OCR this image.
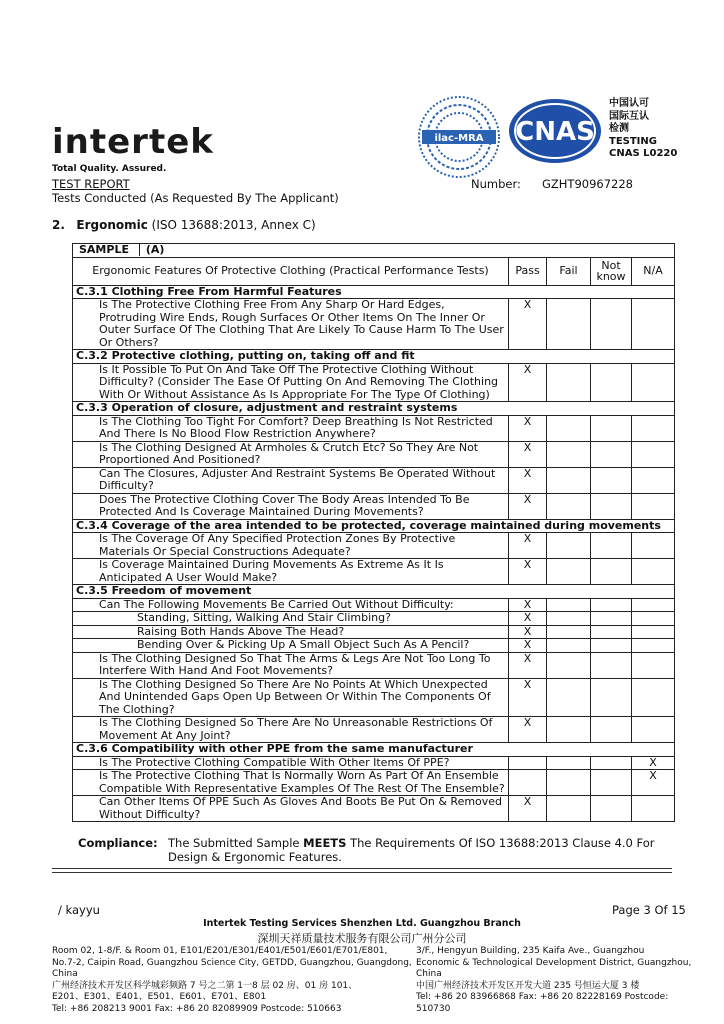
intertek
Total Quality. Assured.
TEST REPORT
Tests Conducted (As Requested By The Applicant)
Number: GZHT90967228
ilac-MRA CNAS
中国认可
国际互认
检测
TESTING
CNAS L0220
2. Ergonomic (ISO 13688:2013, Annex C)
SAMPLE (A)				
Ergonomic Features Of Protective Clothing (Practical Performance Tests)	Pass	Fail	Not know	N/A
C.3.1 Clothing Free From Harmful Features				
Is The Protective Clothing Free From Any Sharp Or Hard Edges, Protruding Wire Ends, Rough Surfaces Or Other Items On The Inner Or Outer Surface Of The Clothing That Are Likely To Cause Harm To The User Or Others?	X			
C.3.2 Protective clothing, putting on, taking off and fit				
Is It Possible To Put On And Take Off The Protective Clothing Without Difficulty? (Consider The Ease Of Putting On And Removing The Clothing With Or Without Assistance As Is Appropriate For The Type Of Clothing)	X			
C.3.3 Operation of closure, adjustment and restraint systems				
Is The Clothing Too Tight For Comfort? Deep Breathing Is Not Restricted And There Is No Blood Flow Restriction Anywhere?	X			
Is The Clothing Designed At Armholes & Crutch Etc? So They Are Not Proportioned And Positioned?	X			
Can The Closures, Adjuster And Restraint Systems Be Operated Without Difficulty?	X			
Does The Protective Clothing Cover The Body Areas Intended To Be Protected And Is Coverage Maintained During Movements?	X			
C.3.4 Coverage of the area intended to be protected, coverage maintained during movements				
Is The Coverage Of Any Specified Protection Zones By Protective Materials Or Special Constructions Adequate?	X			
Is Coverage Maintained During Movements As Extreme As It Is Anticipated A User Would Make?	X			
C.3.5 Freedom of movement				
Can The Following Movements Be Carried Out Without Difficulty:	X			
Standing, Sitting, Walking And Stair Climbing?	X			
Raising Both Hands Above The Head?	X			
Bending Over & Picking Up A Small Object Such As A Pencil?	X			
Is The Clothing Designed So That The Arms & Legs Are Not Too Long To Interfere With Hand And Foot Movements?	X			
Is The Clothing Designed So There Are No Points At Which Unexpected And Unintended Gaps Open Up Between Or Within The Components Of The Clothing?	X			
Is The Clothing Designed So There Are No Unreasonable Restrictions Of Movement At Any Joint?	X			
C.3.6 Compatibility with other PPE from the same manufacturer				
Is The Protective Clothing Compatible With Other Items Of PPE?				X
Is The Protective Clothing That Is Normally Worn As Part Of An Ensemble Compatible With Representative Examples Of The Rest Of The Ensemble?				X
Can Other Items Of PPE Such As Gloves And Boots Be Put On & Removed Without Difficulty?	X			
Compliance: The Submitted Sample MEETS The Requirements Of ISO 13688:2013 Clause 4.0 For Design & Ergonomic Features.
/ kayyu	Page 3 Of 15
Intertek Testing Services Shenzhen Ltd. Guangzhou Branch
深圳天祥质量技术服务有限公司广州分公司
Room 02, 1-8/F. & Room 01, E101/E201/E301/E401/E501/E601/E701/E801,
No.7-2, Caipin Road, Guangzhou Science City, GETDD, Guangzhou, Guangdong, China
广州经济技术开发区科学城彩频路 7 号之二第 1一8 层 02 房、01 房 101、
E201、E301、E401、E501、E601、E701、E801
Tel: +86 208213 9001 Fax: +86 20 82089909 Postcode: 510663
3/F., Hengyun Building, 235 Kaifa Ave., Guangzhou
Economic & Technological Development District, Guangzhou,
China
中国广州经济技术开发区开发大道 235 号恒运大厦 3 楼
Tel: +86 20 83966868 Fax: +86 20 82228169 Postcode: 510730
